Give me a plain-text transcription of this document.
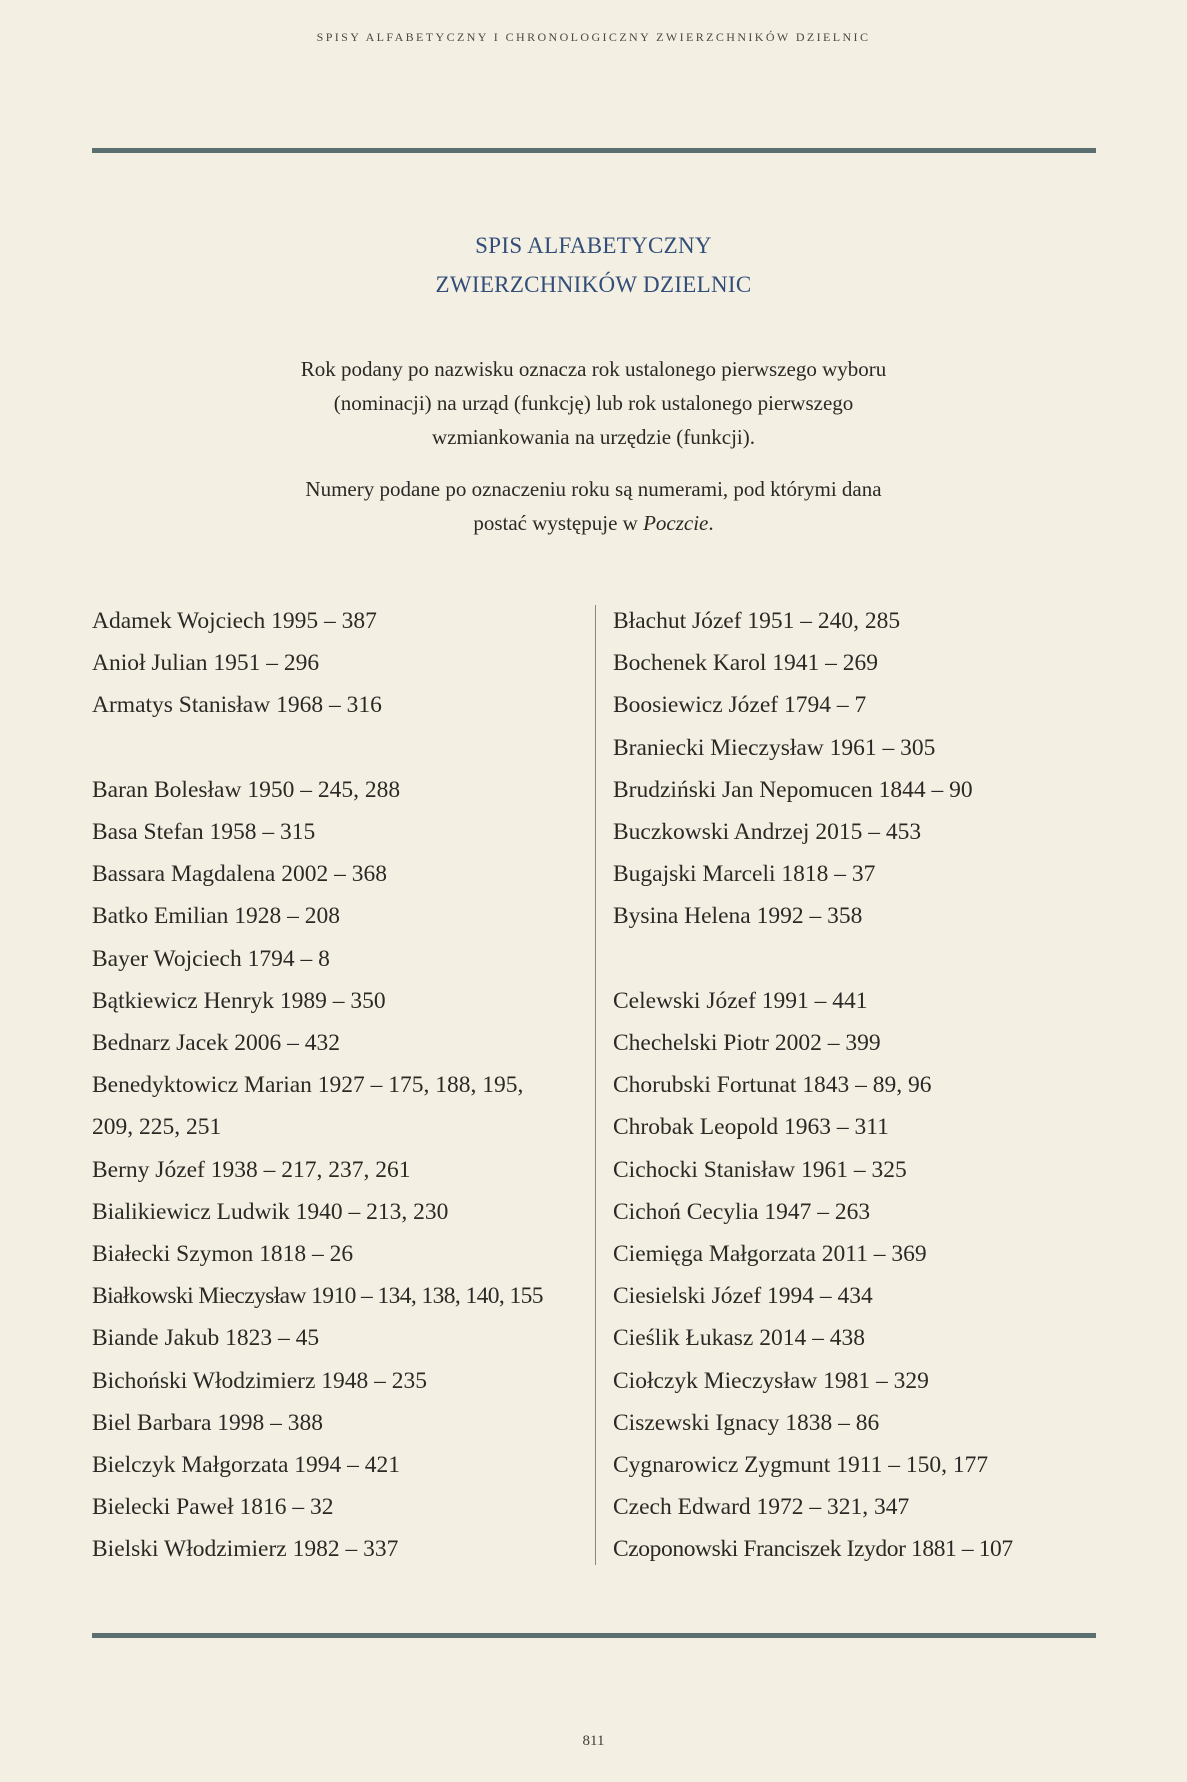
SPISY ALFABETYCZNY I CHRONOLOGICZNY ZWIERZCHNIKÓW DZIELNIC
SPIS ALFABETYCZNY
ZWIERZCHNIKÓW DZIELNIC
Rok podany po nazwisku oznacza rok ustalonego pierwszego wyboru
(nominacji) na urząd (funkcję) lub rok ustalonego pierwszego
wzmiankowania na urzędzie (funkcji).
Numery podane po oznaczeniu roku są numerami, pod którymi dana
postać występuje w Poczcie.
Adamek Wojciech 1995 – 387
Anioł Julian 1951 – 296
Armatys Stanisław 1968 – 316
Baran Bolesław 1950 – 245, 288
Basa Stefan 1958 – 315
Bassara Magdalena 2002 – 368
Batko Emilian 1928 – 208
Bayer Wojciech 1794 – 8
Bątkiewicz Henryk 1989 – 350
Bednarz Jacek 2006 – 432
Benedyktowicz Marian 1927 – 175, 188, 195,
209, 225, 251
Berny Józef 1938 – 217, 237, 261
Bialikiewicz Ludwik 1940 – 213, 230
Białecki Szymon 1818 – 26
Białkowski Mieczysław 1910 – 134, 138, 140, 155
Biande Jakub 1823 – 45
Bichoński Włodzimierz 1948 – 235
Biel Barbara 1998 – 388
Bielczyk Małgorzata 1994 – 421
Bielecki Paweł 1816 – 32
Bielski Włodzimierz 1982 – 337
Błachut Józef 1951 – 240, 285
Bochenek Karol 1941 – 269
Boosiewicz Józef 1794 – 7
Braniecki Mieczysław 1961 – 305
Brudziński Jan Nepomucen 1844 – 90
Buczkowski Andrzej 2015 – 453
Bugajski Marceli 1818 – 37
Bysina Helena 1992 – 358
Celewski Józef 1991 – 441
Chechelski Piotr 2002 – 399
Chorubski Fortunat 1843 – 89, 96
Chrobak Leopold 1963 – 311
Cichocki Stanisław 1961 – 325
Cichoń Cecylia 1947 – 263
Ciemięga Małgorzata 2011 – 369
Ciesielski Józef 1994 – 434
Cieślik Łukasz 2014 – 438
Ciołczyk Mieczysław 1981 – 329
Ciszewski Ignacy 1838 – 86
Cygnarowicz Zygmunt 1911 – 150, 177
Czech Edward 1972 – 321, 347
Czoponowski Franciszek Izydor 1881 – 107
811
